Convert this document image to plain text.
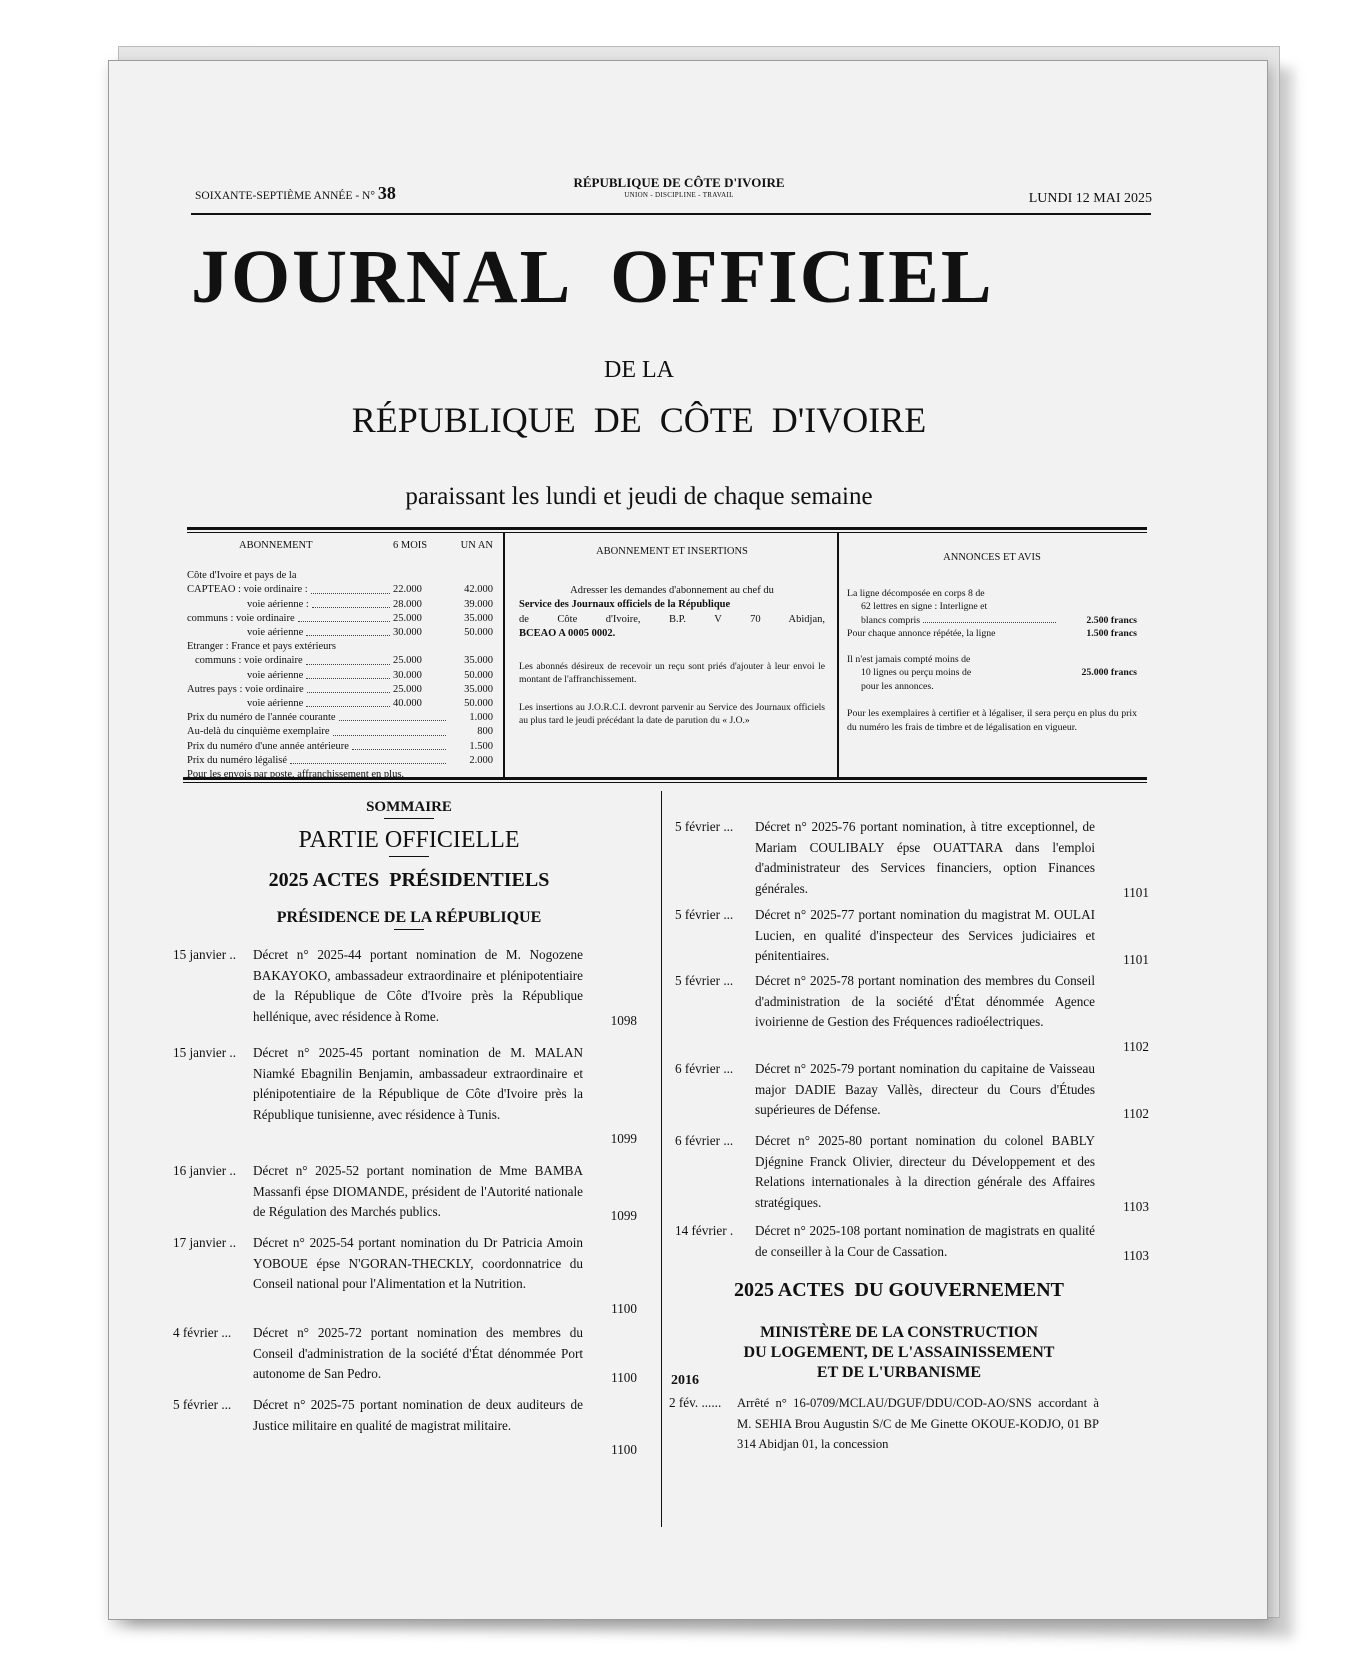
SOIXANTE-SEPTIÈME ANNÉE - N° 38
RÉPUBLIQUE DE CÔTE D'IVOIRE
UNION - DISCIPLINE - TRAVAIL	LUNDI 12 MAI 2025
JOURNAL  OFFICIEL
DE LA
RÉPUBLIQUE  DE  CÔTE  D'IVOIRE
paraissant les lundi et jeudi de chaque semaine
ABONNEMENT	6 MOIS	UN AN
Côte d'Ivoire et pays de la
CAPTEAO : voie ordinaire :	22.000	42.000
voie aérienne :	28.000	39.000
communs : voie ordinaire	25.000	35.000
voie aérienne	30.000	50.000
Etranger : France et pays extérieurs
communs : voie ordinaire	25.000	35.000
voie aérienne	30.000	50.000
Autres pays : voie ordinaire	25.000	35.000
voie aérienne	40.000	50.000
Prix du numéro de l'année courante	1.000
Au-delà du cinquième exemplaire	800
Prix du numéro d'une année antérieure	1.500
Prix du numéro légalisé	2.000
Pour les envois par poste, affranchissement en plus.
ABONNEMENT ET INSERTIONS
Adresser les demandes d'abonnement au chef du
Service des Journaux officiels de la République
de Côte d'Ivoire, B.P. V 70 Abidjan,
BCEAO A 0005 0002.
Les abonnés désireux de recevoir un reçu sont priés d'ajouter à leur envoi le montant de l'affranchissement.
Les insertions au J.O.R.C.I. devront parvenir au Service des Journaux officiels au plus tard le jeudi précédant la date de parution du « J.O.»
ANNONCES ET AVIS
La ligne décomposée en corps 8 de
62 lettres en signe : Interligne et
blancs compris	2.500 francs
Pour chaque annonce répétée, la ligne	1.500 francs
Il n'est jamais compté moins de
10 lignes ou perçu moins de	25.000 francs
pour les annonces.
Pour les exemplaires à certifier et à légaliser, il sera perçu en plus du prix du numéro les frais de timbre et de légalisation en vigueur.
SOMMAIRE
PARTIE OFFICIELLE
2025 ACTES  PRÉSIDENTIELS
PRÉSIDENCE DE LA RÉPUBLIQUE
15 janvier .. Décret n° 2025-44 portant nomination de M. Nogozene BAKAYOKO, ambassadeur extraordinaire et plénipotentiaire de la République de Côte d'Ivoire près la République hellénique, avec résidence à Rome.	1098
15 janvier .. Décret n° 2025-45 portant nomination de M. MALAN Niamké Ebagnilin Benjamin, ambassadeur extraordinaire et plénipotentiaire de la République de Côte d'Ivoire près la République tunisienne, avec résidence à Tunis.
1099
16 janvier .. Décret n° 2025-52 portant nomination de Mme BAMBA Massanfi épse DIOMANDE, président de l'Autorité nationale de Régulation des Marchés publics.	1099
17 janvier .. Décret n° 2025-54 portant nomination du Dr Patricia Amoin YOBOUE épse N'GORAN-THECKLY, coordonnatrice du Conseil national pour l'Alimentation et la Nutrition.
1100
4 février ... Décret n° 2025-72 portant nomination des membres du Conseil d'administration de la société d'État dénommée Port autonome de San Pedro.	1100
5 février ... Décret n° 2025-75 portant nomination de deux auditeurs de Justice militaire en qualité de magistrat militaire.
1100
5 février ... Décret n° 2025-76 portant nomination, à titre exceptionnel, de Mariam COULIBALY épse OUATTARA dans l'emploi d'administrateur des Services financiers, option Finances générales.	1101
5 février ... Décret n° 2025-77 portant nomination du magistrat M. OULAI Lucien, en qualité d'inspecteur des Services judiciaires et pénitentiaires.	1101
5 février ... Décret n° 2025-78 portant nomination des membres du Conseil d'administration de la société d'État dénommée Agence ivoirienne de Gestion des Fréquences radioélectriques.
1102
6 février ... Décret n° 2025-79 portant nomination du capitaine de Vaisseau major DADIE Bazay Vallès, directeur du Cours d'Études supérieures de Défense.	1102
6 février ... Décret n° 2025-80 portant nomination du colonel BABLY Djégnine Franck Olivier, directeur du Développement et des Relations internationales à la direction générale des Affaires stratégiques.	1103
14 février . Décret n° 2025-108 portant nomination de magistrats en qualité de conseiller à la Cour de Cassation.	1103
2025 ACTES  DU GOUVERNEMENT
MINISTÈRE DE LA CONSTRUCTION
DU LOGEMENT, DE L'ASSAINISSEMENT
ET DE L'URBANISME
2016
2 fév. ...... Arrêté n° 16-0709/MCLAU/DGUF/DDU/COD-AO/SNS accordant à M. SEHIA Brou Augustin S/C de Me Ginette OKOUE-KODJO, 01 BP 314 Abidjan 01, la concession
